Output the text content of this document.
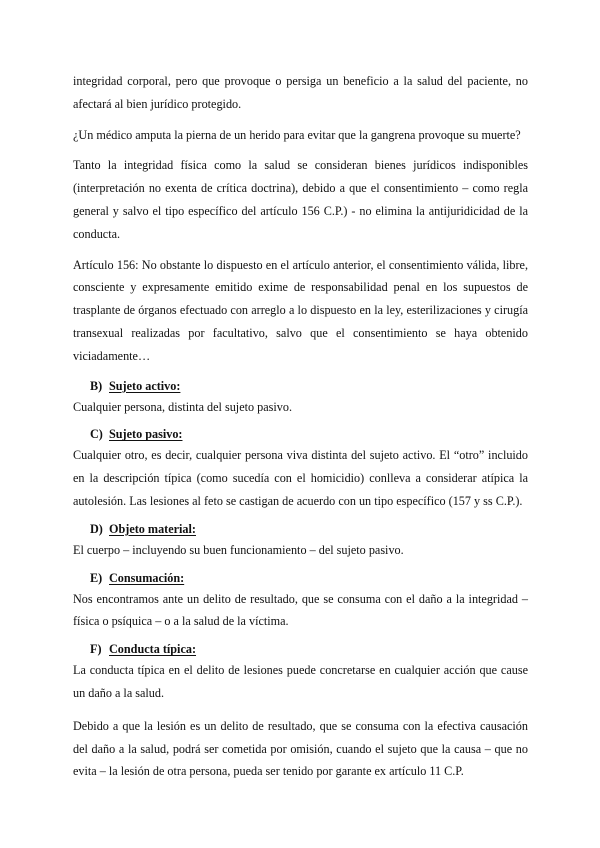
integridad corporal, pero que provoque o persiga un beneficio a la salud del paciente, no afectará al bien jurídico protegido.

¿Un médico amputa la pierna de un herido para evitar que la gangrena provoque su muerte?

Tanto la integridad física como la salud se consideran bienes jurídicos indisponibles (interpretación no exenta de crítica doctrina), debido a que el consentimiento – como regla general y salvo el tipo específico del artículo 156 C.P.) - no elimina la antijuridicidad de la conducta.

Artículo 156: No obstante lo dispuesto en el artículo anterior, el consentimiento válida, libre, consciente y expresamente emitido exime de responsabilidad penal en los supuestos de trasplante de órganos efectuado con arreglo a lo dispuesto en la ley, esterilizaciones y cirugía transexual realizadas por facultativo, salvo que el consentimiento se haya obtenido viciadamente…

B) Sujeto activo:

Cualquier persona, distinta del sujeto pasivo.

C) Sujeto pasivo:

Cualquier otro, es decir, cualquier persona viva distinta del sujeto activo. El “otro” incluido en la descripción típica (como sucedía con el homicidio) conlleva a considerar atípica la autolesión. Las lesiones al feto se castigan de acuerdo con un tipo específico (157 y ss C.P.).

D) Objeto material:

El cuerpo – incluyendo su buen funcionamiento – del sujeto pasivo.

E) Consumación:

Nos encontramos ante un delito de resultado, que se consuma con el daño a la integridad – física o psíquica – o a la salud de la víctima.

F) Conducta típica:

La conducta típica en el delito de lesiones puede concretarse en cualquier acción que cause un daño a la salud.

Debido a que la lesión es un delito de resultado, que se consuma con la efectiva causación del daño a la salud, podrá ser cometida por omisión, cuando el sujeto que la causa – que no evita – la lesión de otra persona, pueda ser tenido por garante ex artículo 11 C.P.
